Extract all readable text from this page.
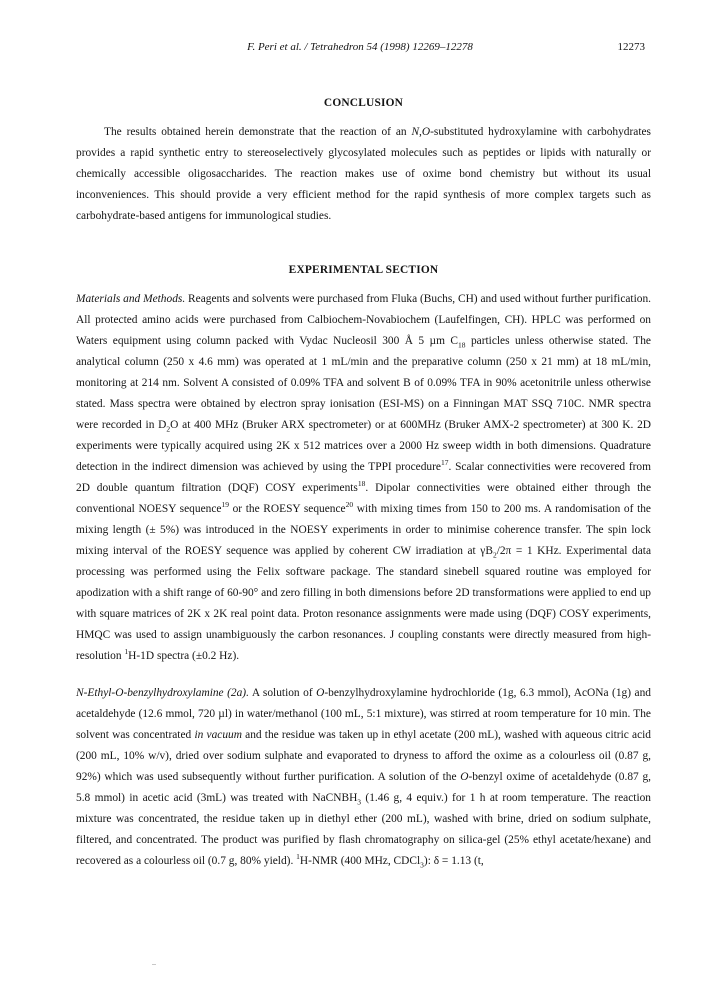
F. Peri et al. / Tetrahedron 54 (1998) 12269–12278	12273
CONCLUSION

The results obtained herein demonstrate that the reaction of an N,O-substituted hydroxylamine with carbohydrates provides a rapid synthetic entry to stereoselectively glycosylated molecules such as peptides or lipids with naturally or chemically accessible oligosaccharides. The reaction makes use of oxime bond chemistry but without its usual inconveniences. This should provide a very efficient method for the rapid synthesis of more complex targets such as carbohydrate-based antigens for immunological studies.

EXPERIMENTAL SECTION

Materials and Methods. Reagents and solvents were purchased from Fluka (Buchs, CH) and used without further purification. All protected amino acids were purchased from Calbiochem-Novabiochem (Laufelfingen, CH). HPLC was performed on Waters equipment using column packed with Vydac Nucleosil 300 Å 5 µm $C_{18}$ particles unless otherwise stated. The analytical column (250 x 4.6 mm) was operated at 1 mL/min and the preparative column (250 x 21 mm) at 18 mL/min, monitoring at 214 nm. Solvent A consisted of 0.09% TFA and solvent B of 0.09% TFA in 90% acetonitrile unless otherwise stated. Mass spectra were obtained by electron spray ionisation (ESI-MS) on a Finningan MAT SSQ 710C. NMR spectra were recorded in $D_2O$ at 400 MHz (Bruker ARX spectrometer) or at 600MHz (Bruker AMX-2 spectrometer) at 300 K. 2D experiments were typically acquired using 2K x 512 matrices over a 2000 Hz sweep width in both dimensions. Quadrature detection in the indirect dimension was achieved by using the TPPI procedure$^{17}$. Scalar connectivities were recovered from 2D double quantum filtration (DQF) COSY experiments$^{18}$. Dipolar connectivities were obtained either through the conventional NOESY sequence$^{19}$ or the ROESY sequence$^{20}$ with mixing times from 150 to 200 ms. A randomisation of the mixing length (± 5%) was introduced in the NOESY experiments in order to minimise coherence transfer. The spin lock mixing interval of the ROESY sequence was applied by coherent CW irradiation at $\gamma B_2/2\pi = 1$ KHz. Experimental data processing was performed using the Felix software package. The standard sinebell squared routine was employed for apodization with a shift range of 60-90° and zero filling in both dimensions before 2D transformations were applied to end up with square matrices of 2K x 2K real point data. Proton resonance assignments were made using (DQF) COSY experiments, HMQC was used to assign unambiguously the carbon resonances. J coupling constants were directly measured from high-resolution $^1$H-1D spectra (±0.2 Hz).

N-Ethyl-O-benzylhydroxylamine (2a). A solution of O-benzylhydroxylamine hydrochloride (1g, 6.3 mmol), AcONa (1g) and acetaldehyde (12.6 mmol, 720 µl) in water/methanol (100 mL, 5:1 mixture), was stirred at room temperature for 10 min. The solvent was concentrated in vacuum and the residue was taken up in ethyl acetate (200 mL), washed with aqueous citric acid (200 mL, 10% w/v), dried over sodium sulphate and evaporated to dryness to afford the oxime as a colourless oil (0.87 g, 92%) which was used subsequently without further purification. A solution of the O-benzyl oxime of acetaldehyde (0.87 g, 5.8 mmol) in acetic acid (3mL) was treated with NaCNBH$_3$ (1.46 g, 4 equiv.) for 1 h at room temperature. The reaction mixture was concentrated, the residue taken up in diethyl ether (200 mL), washed with brine, dried on sodium sulphate, filtered, and concentrated. The product was purified by flash chromatography on silica-gel (25% ethyl acetate/hexane) and recovered as a colourless oil (0.7 g, 80% yield). $^1$H-NMR (400 MHz, CDCl$_3$): δ = 1.13 (t,
